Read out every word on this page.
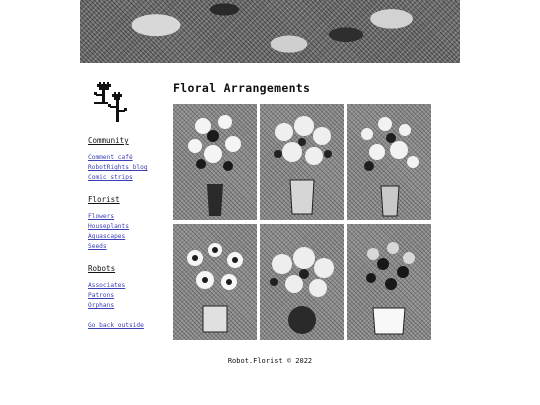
Community
Comment café
RobotRights blog
Comic strips
Florist
Flowers
Houseplants
Aquascapes
Seeds
Robots
Associates
Patrons
Orphans
Go back outside
Floral Arrangements
Robot.Florist © 2022
